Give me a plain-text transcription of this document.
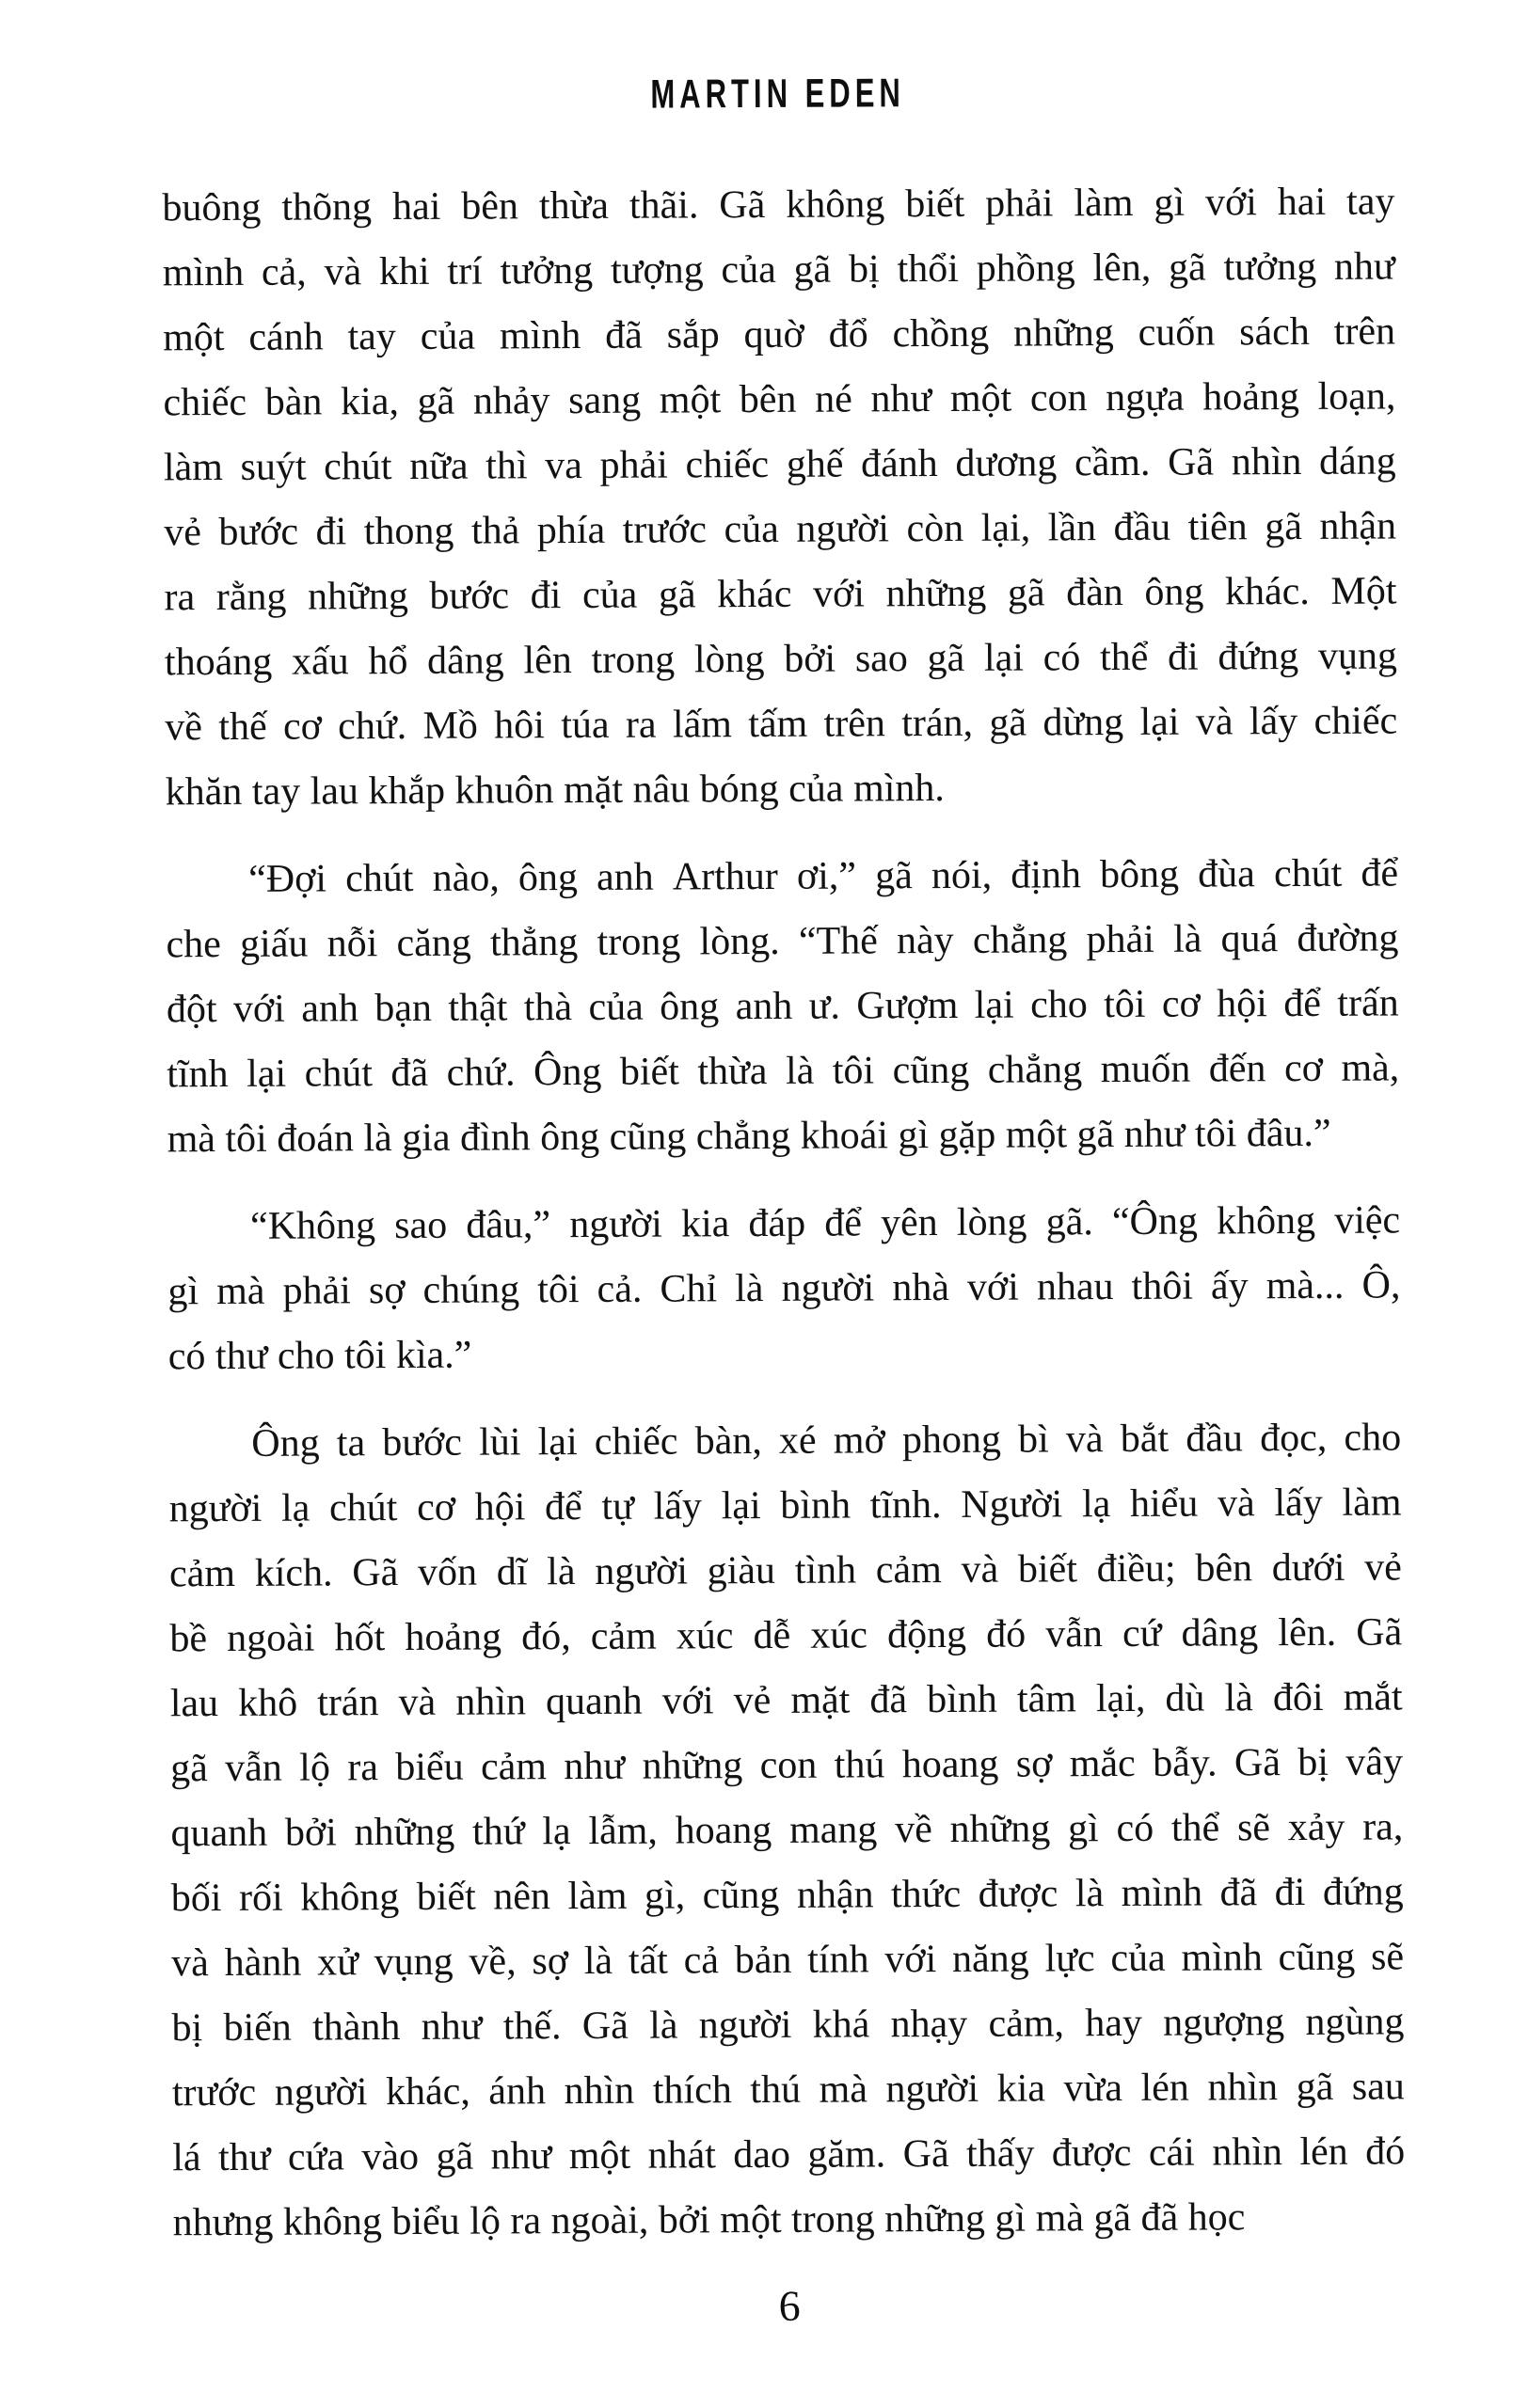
MARTIN EDEN
buông thõng hai bên thừa thãi. Gã không biết phải làm gì với hai tay
mình cả, và khi trí tưởng tượng của gã bị thổi phồng lên, gã tưởng như
một cánh tay của mình đã sắp quờ đổ chồng những cuốn sách trên
chiếc bàn kia, gã nhảy sang một bên né như một con ngựa hoảng loạn,
làm suýt chút nữa thì va phải chiếc ghế đánh dương cầm. Gã nhìn dáng
vẻ bước đi thong thả phía trước của người còn lại, lần đầu tiên gã nhận
ra rằng những bước đi của gã khác với những gã đàn ông khác. Một
thoáng xấu hổ dâng lên trong lòng bởi sao gã lại có thể đi đứng vụng
về thế cơ chứ. Mồ hôi túa ra lấm tấm trên trán, gã dừng lại và lấy chiếc
khăn tay lau khắp khuôn mặt nâu bóng của mình.
“Đợi chút nào, ông anh Arthur ơi,” gã nói, định bông đùa chút để
che giấu nỗi căng thẳng trong lòng. “Thế này chẳng phải là quá đường
đột với anh bạn thật thà của ông anh ư. Gượm lại cho tôi cơ hội để trấn
tĩnh lại chút đã chứ. Ông biết thừa là tôi cũng chẳng muốn đến cơ mà,
mà tôi đoán là gia đình ông cũng chẳng khoái gì gặp một gã như tôi đâu.”
“Không sao đâu,” người kia đáp để yên lòng gã. “Ông không việc
gì mà phải sợ chúng tôi cả. Chỉ là người nhà với nhau thôi ấy mà... Ô,
có thư cho tôi kìa.”
Ông ta bước lùi lại chiếc bàn, xé mở phong bì và bắt đầu đọc, cho
người lạ chút cơ hội để tự lấy lại bình tĩnh. Người lạ hiểu và lấy làm
cảm kích. Gã vốn dĩ là người giàu tình cảm và biết điều; bên dưới vẻ
bề ngoài hốt hoảng đó, cảm xúc dễ xúc động đó vẫn cứ dâng lên. Gã
lau khô trán và nhìn quanh với vẻ mặt đã bình tâm lại, dù là đôi mắt
gã vẫn lộ ra biểu cảm như những con thú hoang sợ mắc bẫy. Gã bị vây
quanh bởi những thứ lạ lẫm, hoang mang về những gì có thể sẽ xảy ra,
bối rối không biết nên làm gì, cũng nhận thức được là mình đã đi đứng
và hành xử vụng về, sợ là tất cả bản tính với năng lực của mình cũng sẽ
bị biến thành như thế. Gã là người khá nhạy cảm, hay ngượng ngùng
trước người khác, ánh nhìn thích thú mà người kia vừa lén nhìn gã sau
lá thư cứa vào gã như một nhát dao găm. Gã thấy được cái nhìn lén đó
nhưng không biểu lộ ra ngoài, bởi một trong những gì mà gã đã học
6
